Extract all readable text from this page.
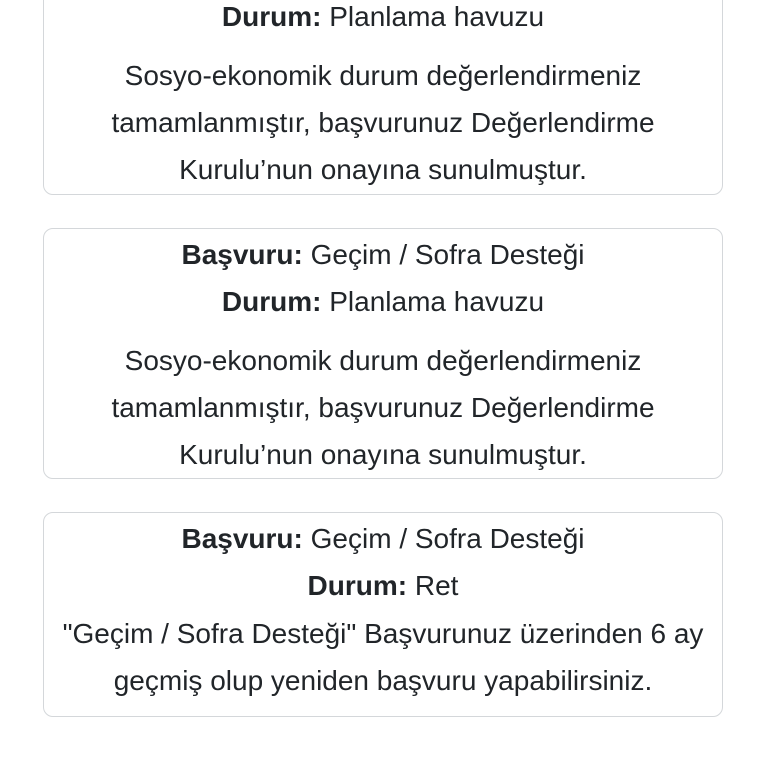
Durum: Planlama havuzu
Sosyo-ekonomik durum değerlendirmeniz tamamlanmıştır, başvurunuz Değerlendirme Kurulu’nun onayına sunulmuştur.
Başvuru: Geçim / Sofra Desteği
Durum: Planlama havuzu
Sosyo-ekonomik durum değerlendirmeniz tamamlanmıştır, başvurunuz Değerlendirme Kurulu’nun onayına sunulmuştur.
Başvuru: Geçim / Sofra Desteği
Durum: Ret
"Geçim / Sofra Desteği" Başvurunuz üzerinden 6 ay geçmiş olup yeniden başvuru yapabilirsiniz.
